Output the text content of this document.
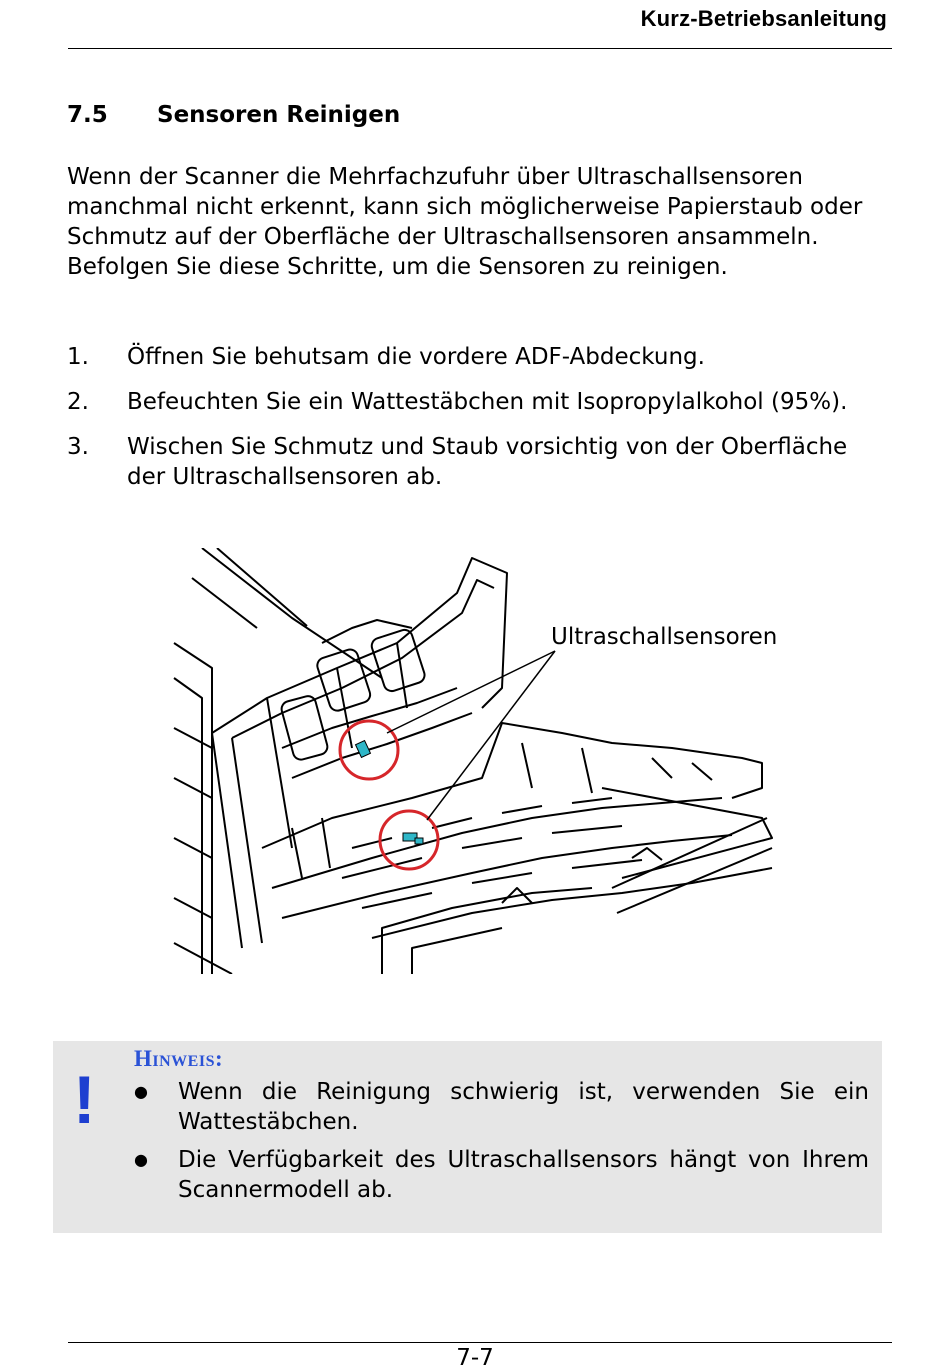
Kurz-Betriebsanleitung
7.5 Sensoren Reinigen

Wenn der Scanner die Mehrfachzufuhr über Ultraschallsensoren manchmal nicht erkennt, kann sich möglicherweise Papierstaub oder Schmutz auf der Oberfläche der Ultraschallsensoren ansammeln. Befolgen Sie diese Schritte, um die Sensoren zu reinigen.

1. Öffnen Sie behutsam die vordere ADF-Abdeckung.
2. Befeuchten Sie ein Wattestäbchen mit Isopropylalkohol (95%).
3. Wischen Sie Schmutz und Staub vorsichtig von der Oberfläche der Ultraschallsensoren ab.
Ultraschallsensoren
!
Hinweis:
● Wenn die Reinigung schwierig ist, verwenden Sie ein Wattestäbchen.
● Die Verfügbarkeit des Ultraschallsensors hängt von Ihrem Scannermodell ab.
7-7
